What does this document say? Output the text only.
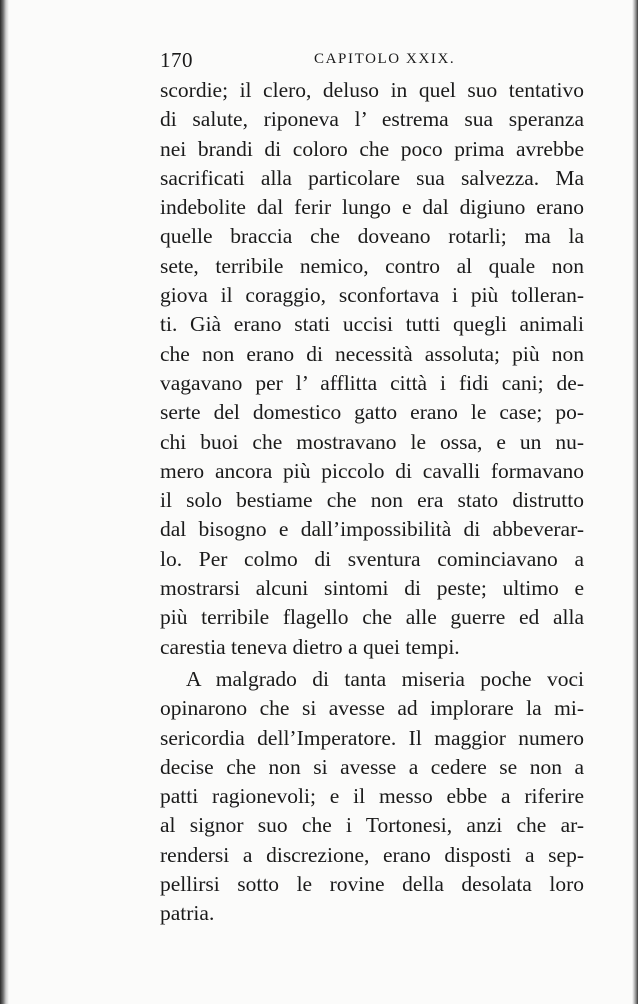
170	CAPITOLO XXIX.
scordie; il clero, deluso in quel suo tentativo
di salute, riponeva l’ estrema sua speranza
nei brandi di coloro che poco prima avrebbe
sacrificati alla particolare sua salvezza. Ma
indebolite dal ferir lungo e dal digiuno erano
quelle braccia che doveano rotarli; ma la
sete, terribile nemico, contro al quale non
giova il coraggio, sconfortava i più tolleran-
ti. Già erano stati uccisi tutti quegli animali
che non erano di necessità assoluta; più non
vagavano per l’ afflitta città i fidi cani; de-
serte del domestico gatto erano le case; po-
chi buoi che mostravano le ossa, e un nu-
mero ancora più piccolo di cavalli formavano
il solo bestiame che non era stato distrutto
dal bisogno e dall’impossibilità di abbeverar-
lo. Per colmo di sventura cominciavano a
mostrarsi alcuni sintomi di peste; ultimo e
più terribile flagello che alle guerre ed alla
carestia teneva dietro a quei tempi.
A malgrado di tanta miseria poche voci
opinarono che si avesse ad implorare la mi-
sericordia dell’Imperatore. Il maggior numero
decise che non si avesse a cedere se non a
patti ragionevoli; e il messo ebbe a riferire
al signor suo che i Tortonesi, anzi che ar-
rendersi a discrezione, erano disposti a sep-
pellirsi sotto le rovine della desolata loro
patria.
